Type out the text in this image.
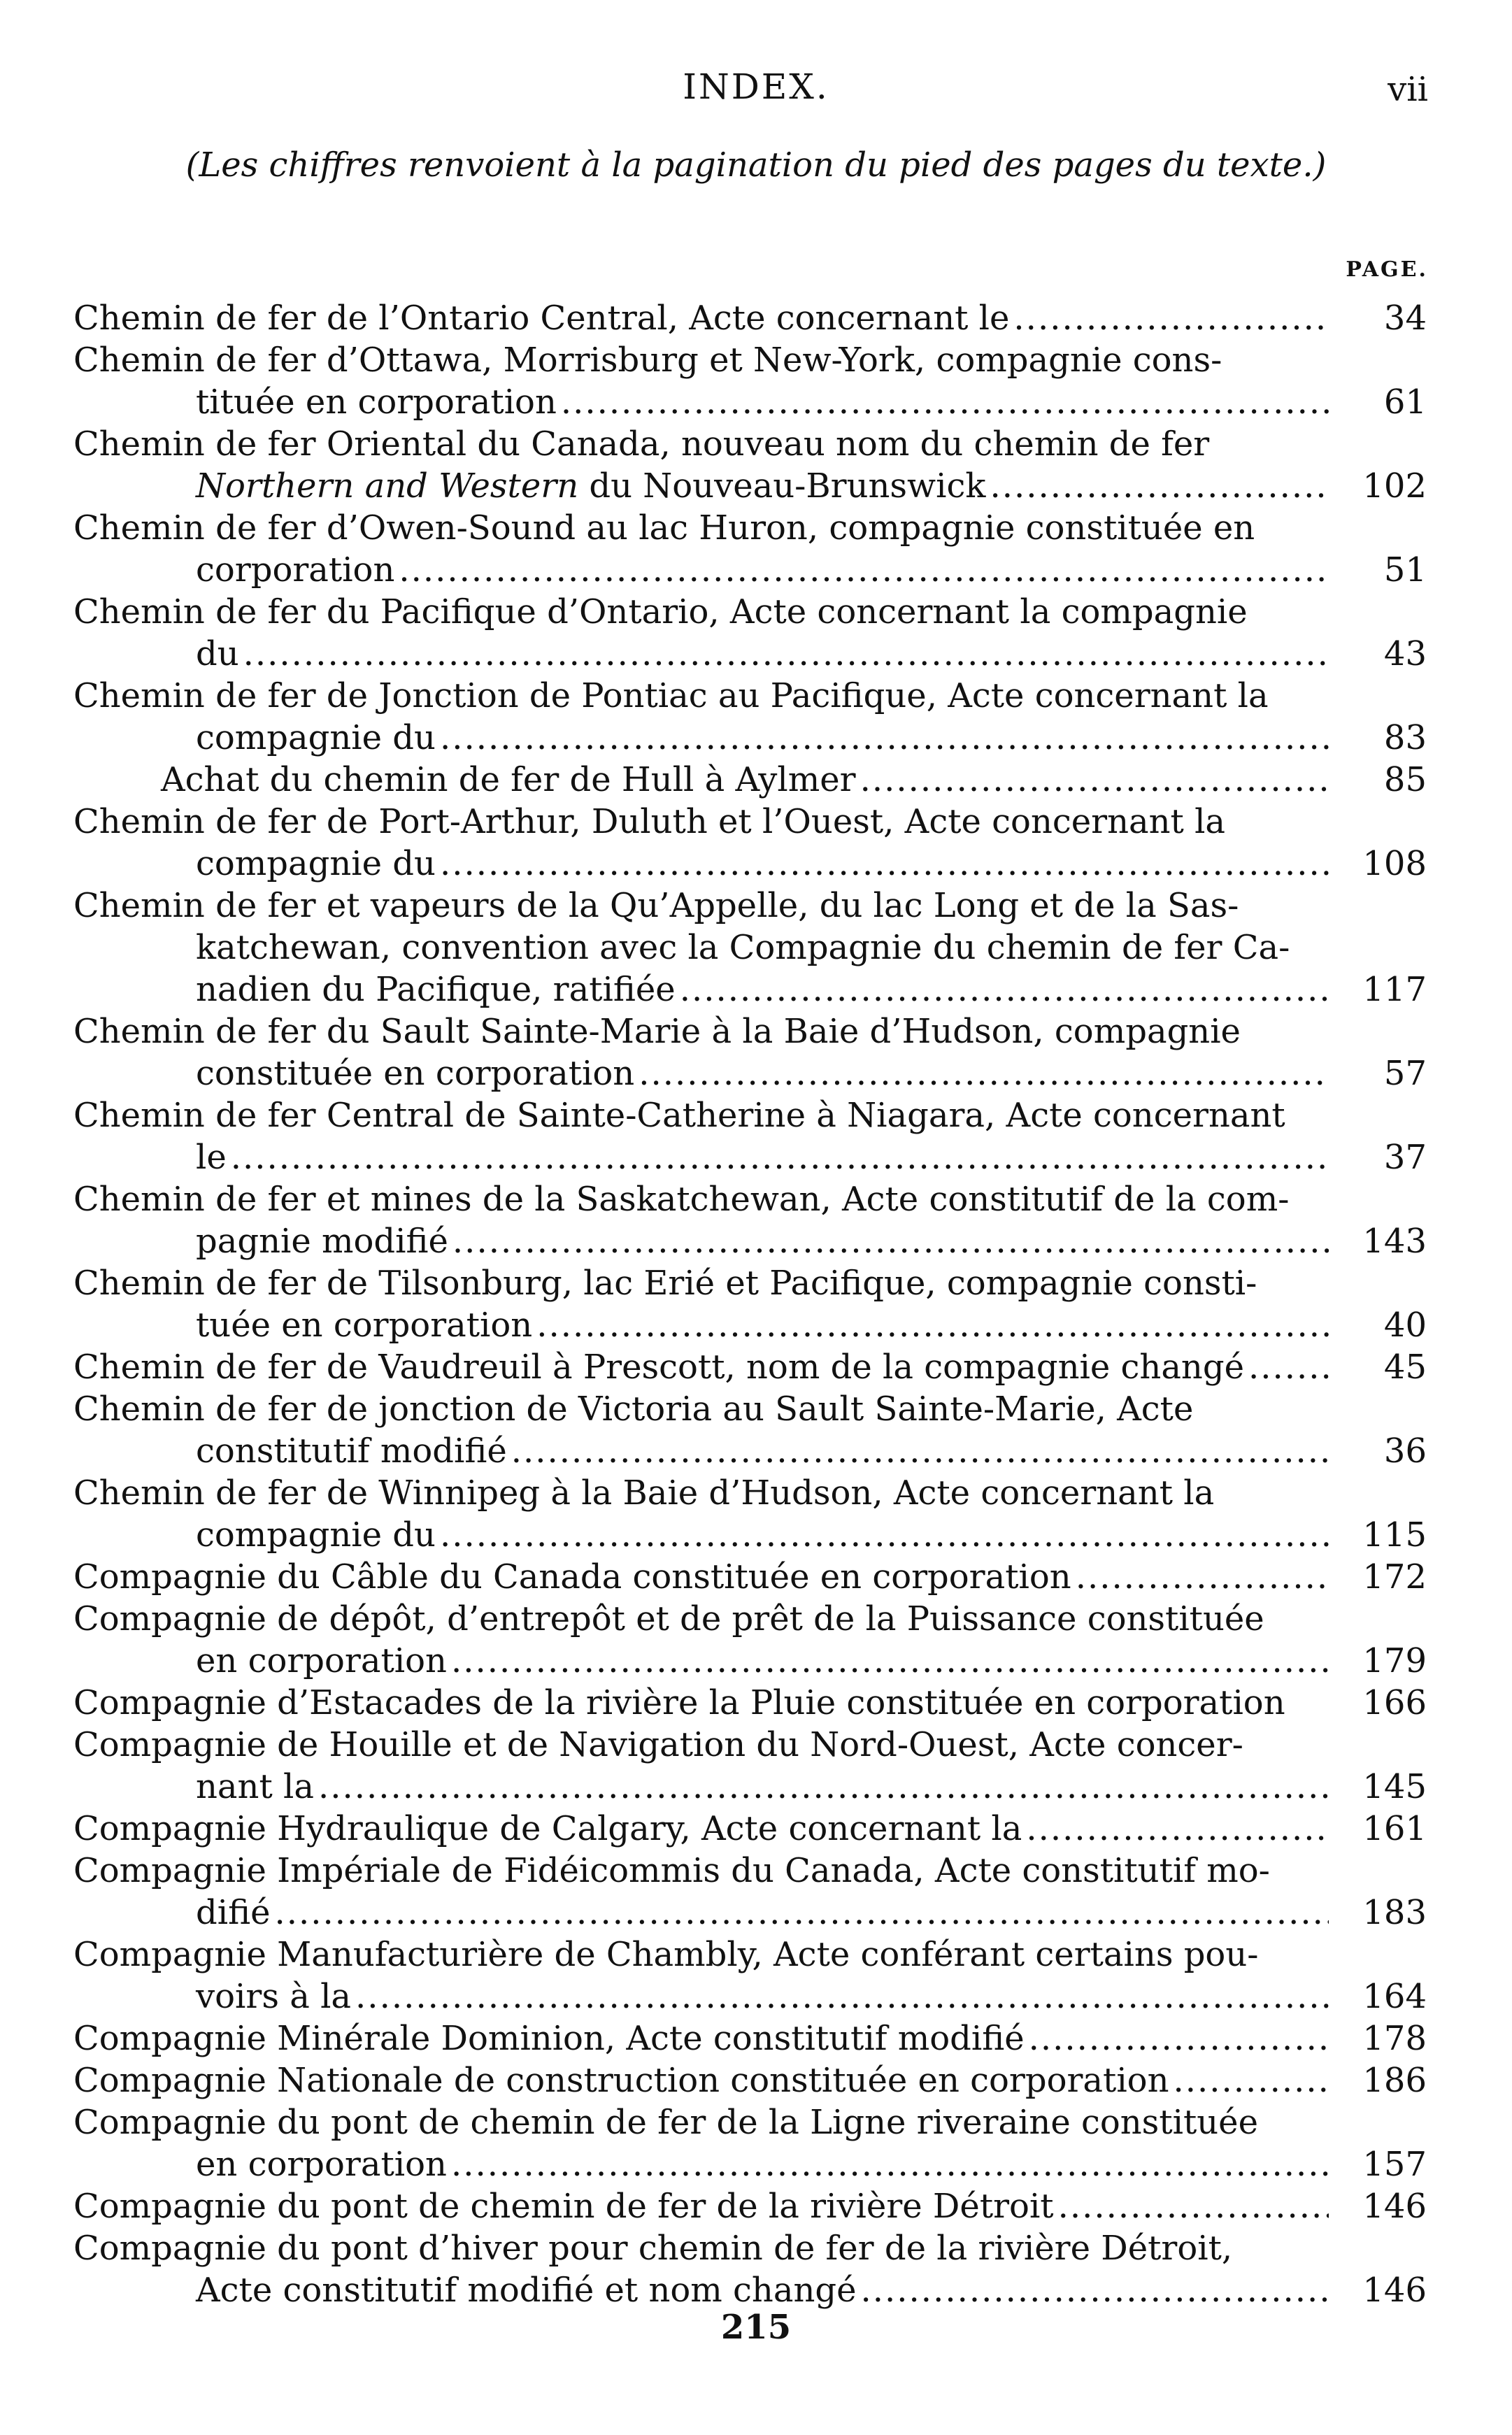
INDEX.	vii
(Les chiffres renvoient à la pagination du pied des pages du texte.)
PAGE.
Chemin de fer de l’Ontario Central, Acte concernant le .....	34
Chemin de fer d’Ottawa, Morrisburg et New-York, compagnie cons-
tituée en corporation .....	61
Chemin de fer Oriental du Canada, nouveau nom du chemin de fer
Northern and Western du Nouveau-Brunswick .....	102
Chemin de fer d’Owen-Sound au lac Huron, compagnie constituée en
corporation .....	51
Chemin de fer du Pacifique d’Ontario, Acte concernant la compagnie
du .....	43
Chemin de fer de Jonction de Pontiac au Pacifique, Acte concernant la
compagnie du .....	83
Achat du chemin de fer de Hull à Aylmer .....	85
Chemin de fer de Port-Arthur, Duluth et l’Ouest, Acte concernant la
compagnie du .....	108
Chemin de fer et vapeurs de la Qu’Appelle, du lac Long et de la Sas-
katchewan, convention avec la Compagnie du chemin de fer Ca-
nadien du Pacifique, ratifiée .....	117
Chemin de fer du Sault Sainte-Marie à la Baie d’Hudson, compagnie
constituée en corporation .....	57
Chemin de fer Central de Sainte-Catherine à Niagara, Acte concernant
le .....	37
Chemin de fer et mines de la Saskatchewan, Acte constitutif de la com-
pagnie modifié .....	143
Chemin de fer de Tilsonburg, lac Erié et Pacifique, compagnie consti-
tuée en corporation .....	40
Chemin de fer de Vaudreuil à Prescott, nom de la compagnie changé .....	45
Chemin de fer de jonction de Victoria au Sault Sainte-Marie, Acte
constitutif modifié .....	36
Chemin de fer de Winnipeg à la Baie d’Hudson, Acte concernant la
compagnie du .....	115
Compagnie du Câble du Canada constituée en corporation .....	172
Compagnie de dépôt, d’entrepôt et de prêt de la Puissance constituée
en corporation .....	179
Compagnie d’Estacades de la rivière la Pluie constituée en corporation	166
Compagnie de Houille et de Navigation du Nord-Ouest, Acte concer-
nant la .....	145
Compagnie Hydraulique de Calgary, Acte concernant la .....	161
Compagnie Impériale de Fidéicommis du Canada, Acte constitutif mo-
difié .....	183
Compagnie Manufacturière de Chambly, Acte conférant certains pou-
voirs à la .....	164
Compagnie Minérale Dominion, Acte constitutif modifié .....	178
Compagnie Nationale de construction constituée en corporation .....	186
Compagnie du pont de chemin de fer de la Ligne riveraine constituée
en corporation .....	157
Compagnie du pont de chemin de fer de la rivière Détroit .....	146
Compagnie du pont d’hiver pour chemin de fer de la rivière Détroit,
Acte constitutif modifié et nom changé .....	146
215
